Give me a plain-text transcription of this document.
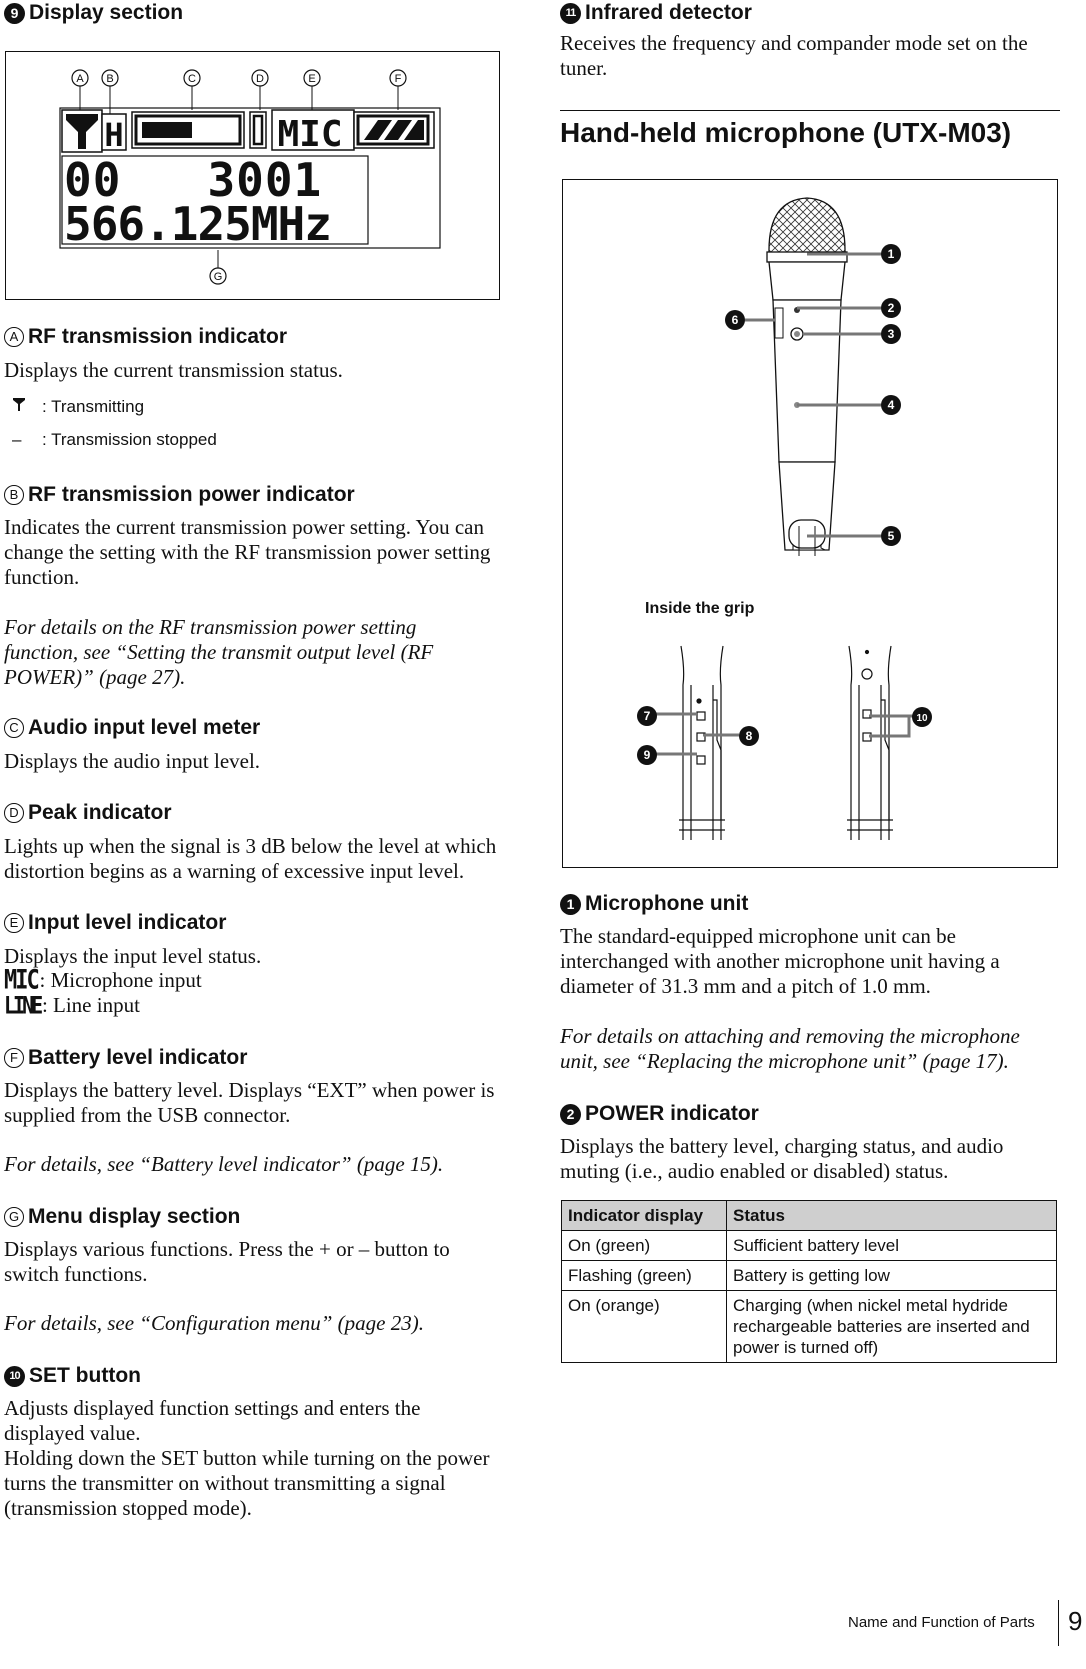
9 Display section
A B	C	D	E	F
G
H	MIC
00   3001
566.125MHz
A RF transmission indicator

Displays the current transmission status.

: Transmitting
– : Transmission stopped
B RF transmission power indicator

Indicates the current transmission power setting. You can change the setting with the RF transmission power setting function.

For details on the RF transmission power setting function, see “Setting the transmit output level (RF POWER)” (page 27).

C Audio input level meter

Displays the audio input level.

D Peak indicator

Lights up when the signal is 3 dB below the level at which distortion begins as a warning of excessive input level.

E Input level indicator

Displays the input level status.

MIC : Microphone input
LINE : Line input
F Battery level indicator

Displays the battery level. Displays “EXT” when power is supplied from the USB connector.

For details, see “Battery level indicator” (page 15).

G Menu display section

Displays various functions. Press the + or – button to switch functions.

For details, see “Configuration menu” (page 23).

10 SET button

Adjusts displayed function settings and enters the displayed value.

Holding down the SET button while turning on the power turns the transmitter on without transmitting a signal (transmission stopped mode).

11 Infrared detector

Receives the frequency and compander mode set on the tuner.

Hand-held microphone (UTX-M03)
1
2
3
4
5
6
Inside the grip
7
8
9
10
1 Microphone unit

The standard-equipped microphone unit can be interchanged with another microphone unit having a diameter of 31.3 mm and a pitch of 1.0 mm.

For details on attaching and removing the microphone unit, see “Replacing the microphone unit” (page 17).

2 POWER indicator

Displays the battery level, charging status, and audio muting (i.e., audio enabled or disabled) status.

Indicator display	Status
On (green)	Sufficient battery level
Flashing (green)	Battery is getting low
On (orange)	Charging (when nickel metal hydride rechargeable batteries are inserted and power is turned off)
Name and Function of Parts 9
